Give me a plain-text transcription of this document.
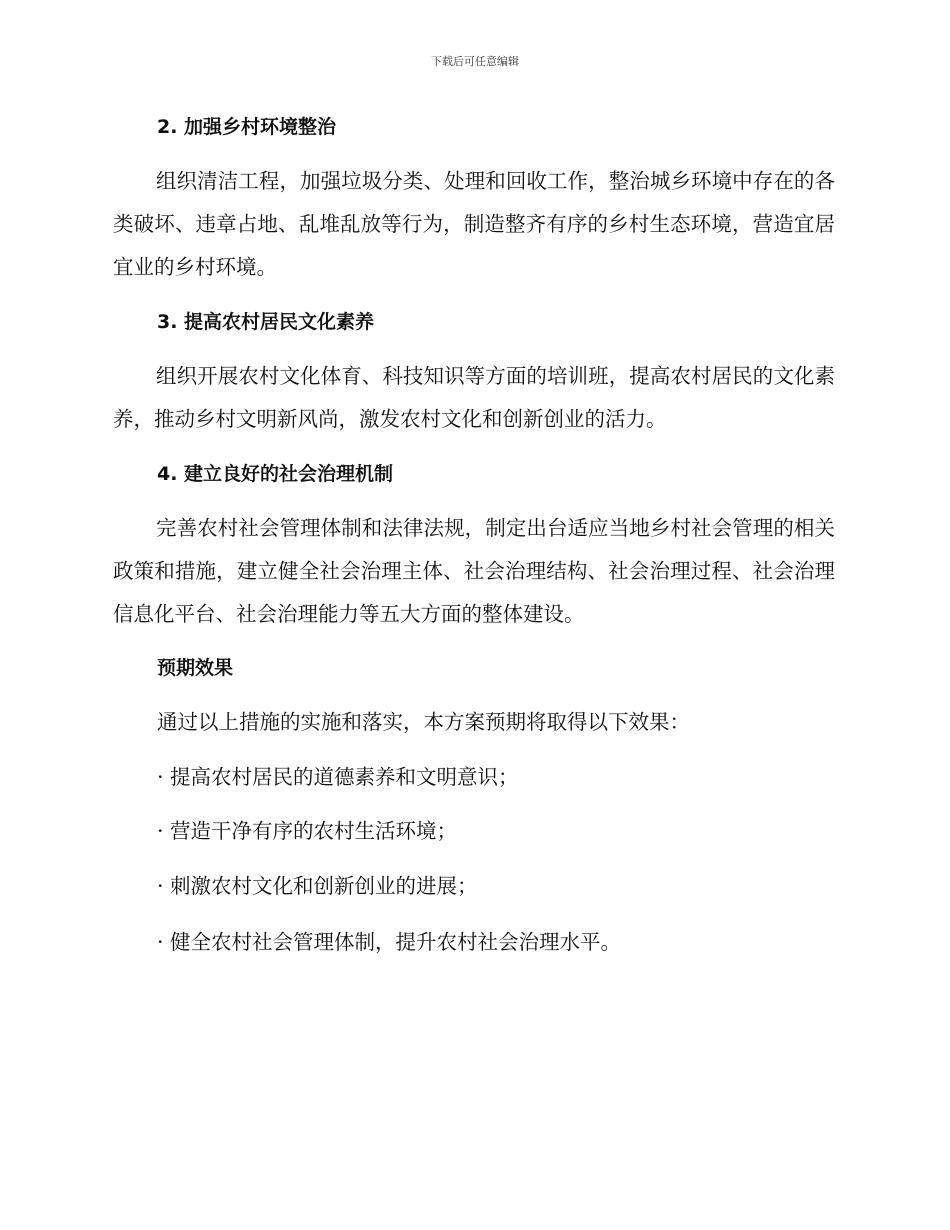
下载后可任意编辑
2. 加强乡村环境整治
组织清洁工程，加强垃圾分类、处理和回收工作，整治城乡环境中存在的各类破坏、违章占地、乱堆乱放等行为，制造整齐有序的乡村生态环境，营造宜居宜业的乡村环境。
3. 提高农村居民文化素养
组织开展农村文化体育、科技知识等方面的培训班，提高农村居民的文化素养，推动乡村文明新风尚，激发农村文化和创新创业的活力。
4. 建立良好的社会治理机制
完善农村社会管理体制和法律法规，制定出台适应当地乡村社会管理的相关政策和措施，建立健全社会治理主体、社会治理结构、社会治理过程、社会治理信息化平台、社会治理能力等五大方面的整体建设。
预期效果
通过以上措施的实施和落实，本方案预期将取得以下效果：
· 提高农村居民的道德素养和文明意识；
· 营造干净有序的农村生活环境；
· 刺激农村文化和创新创业的进展；
· 健全农村社会管理体制，提升农村社会治理水平。
